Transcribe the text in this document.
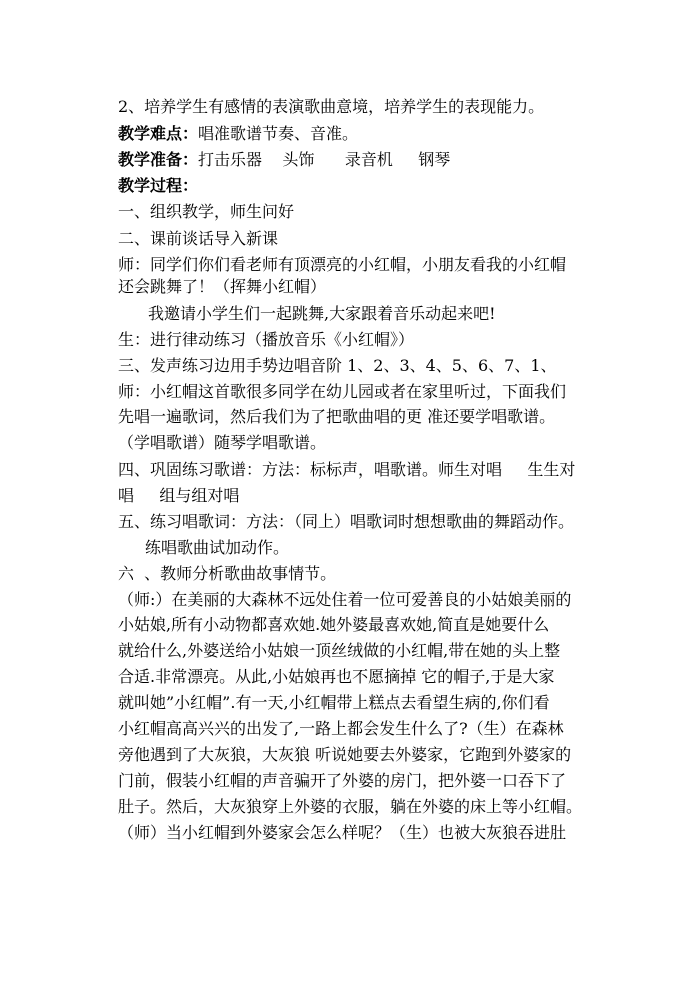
2、培养学生有感情的表演歌曲意境，培养学生的表现能力。
教学难点：唱准歌谱节奏、音准。
教学准备：打击乐器    头饰      录音机     钢琴
教学过程：
一、组织教学，师生问好
二、课前谈话导入新课
师：同学们你们看老师有顶漂亮的小红帽，小朋友看我的小红帽
还会跳舞了！（挥舞小红帽）
我邀请小学生们一起跳舞,大家跟着音乐动起来吧!
生：进行律动练习（播放音乐《小红帽》）
三、发声练习边用手势边唱音阶 1、2、3、4、5、6、7、1、
师：小红帽这首歌很多同学在幼儿园或者在家里听过，下面我们
先唱一遍歌词，然后我们为了把歌曲唱的更 准还要学唱歌谱。
（学唱歌谱）随琴学唱歌谱。
四、巩固练习歌谱：方法：标标声，唱歌谱。师生对唱     生生对
唱     组与组对唱
五、练习唱歌词：方法：（同上）唱歌词时想想歌曲的舞蹈动作。
练唱歌曲试加动作。
六  、教师分析歌曲故事情节。
（师:）在美丽的大森林不远处住着一位可爱善良的小姑娘美丽的
小姑娘,所有小动物都喜欢她.她外婆最喜欢她,简直是她要什么
就给什么,外婆送给小姑娘一顶丝绒做的小红帽,带在她的头上整
合适.非常漂亮。从此,小姑娘再也不愿摘掉 它的帽子,于是大家
就叫她”小红帽”.有一天,小红帽带上糕点去看望生病的,你们看
小红帽高高兴兴的出发了,一路上都会发生什么了?（生）在森林
旁他遇到了大灰狼，大灰狼 听说她要去外婆家，它跑到外婆家的
门前，假装小红帽的声音骗开了外婆的房门，把外婆一口吞下了
肚子。然后，大灰狼穿上外婆的衣服，躺在外婆的床上等小红帽。
（师）当小红帽到外婆家会怎么样呢？（生）也被大灰狼吞进肚
